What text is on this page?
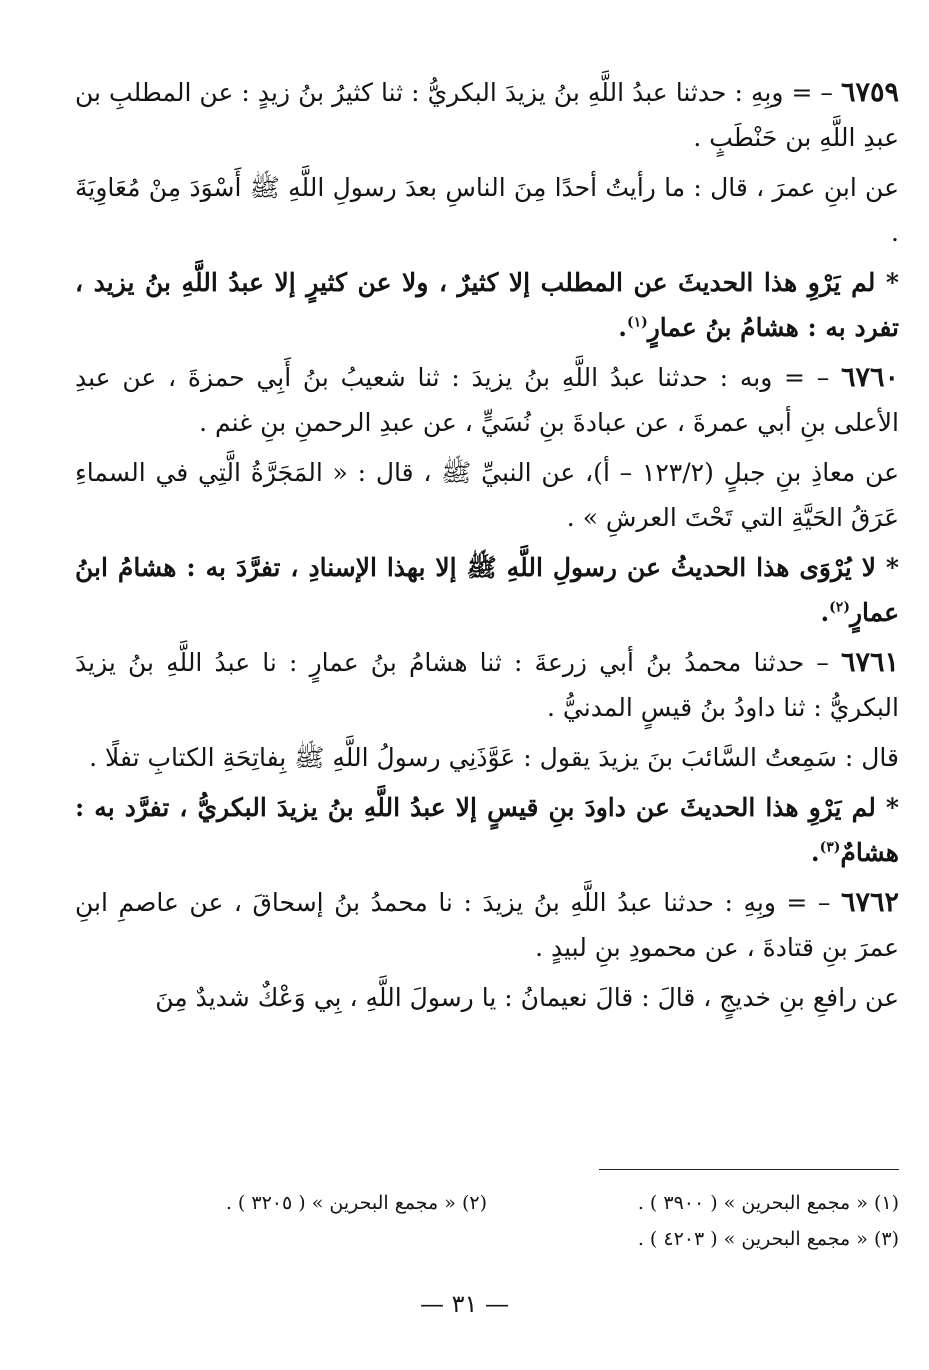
٦٧٥٩ – = وبِهِ : حدثنا عبدُ اللَّهِ بنُ يزيدَ البكريُّ : ثنا كثيرُ بنُ زيدٍ : عن المطلبِ بن عبدِ اللَّهِ بن حَنْطَبٍ .

عن ابنِ عمرَ ، قال : ما رأيتُ أحدًا مِنَ الناسِ بعدَ رسولِ اللَّهِ ﷺ أَسْوَدَ مِنْ مُعَاوِيَةَ .

* لم يَرْوِ هذا الحديثَ عن المطلب إلا كثيرٌ ، ولا عن كثيرٍ إلا عبدُ اللَّهِ بنُ يزيد ، تفرد به : هشامُ بنُ عمارٍ$^{(١)}$.

٦٧٦٠ – = وبه : حدثنا عبدُ اللَّهِ بنُ يزيدَ : ثنا شعيبُ بنُ أَبِي حمزةَ ، عن عبدِ الأعلى بنِ أبي عمرةَ ، عن عبادةَ بنِ نُسَيٍّ ، عن عبدِ الرحمنِ بنِ غنم .

عن معاذِ بنِ جبلٍ (١٢٣/٢ – أ)، عن النبيِّ ﷺ ، قال : « المَجَرَّةُ الَّتِي في السماءِ عَرَقُ الحَيَّةِ التي تَحْتَ العرشِ » .

* لا يُرْوَى هذا الحديثُ عن رسولِ اللَّهِ ﷺ إلا بهذا الإسنادِ ، تفرَّدَ به : هشامُ ابنُ عمارٍ$^{(٢)}$.

٦٧٦١ – حدثنا محمدُ بنُ أبي زرعةَ : ثنا هشامُ بنُ عمارٍ : نا عبدُ اللَّهِ بنُ يزيدَ البكريُّ : ثنا داودُ بنُ قيسٍ المدنيُّ .

قال : سَمِعتُ السَّائبَ بنَ يزيدَ يقول : عَوَّذَنِي رسولُ اللَّهِ ﷺ بِفاتِحَةِ الكتابِ تفلًا .

* لم يَرْوِ هذا الحديثَ عن داودَ بنِ قيسٍ إلا عبدُ اللَّهِ بنُ يزيدَ البكريُّ ، تفرَّد به : هشامٌ$^{(٣)}$.

٦٧٦٢ – = وبِهِ : حدثنا عبدُ اللَّهِ بنُ يزيدَ : نا محمدُ بنُ إسحاقَ ، عن عاصمِ ابنِ عمرَ بنِ قتادةَ ، عن محمودِ بنِ لبيدٍ .

عن رافعِ بنِ خديجٍ ، قالَ : قالَ نعيمانُ : يا رسولَ اللَّهِ ، بِي وَعْكٌ شديدٌ مِنَ

(١) « مجمع البحرين » ( ٣٩٠٠ ) .
(٢) « مجمع البحرين » ( ٣٢٠٥ ) .
(٣) « مجمع البحرين » ( ٤٢٠٣ ) .
— ٣١ —
